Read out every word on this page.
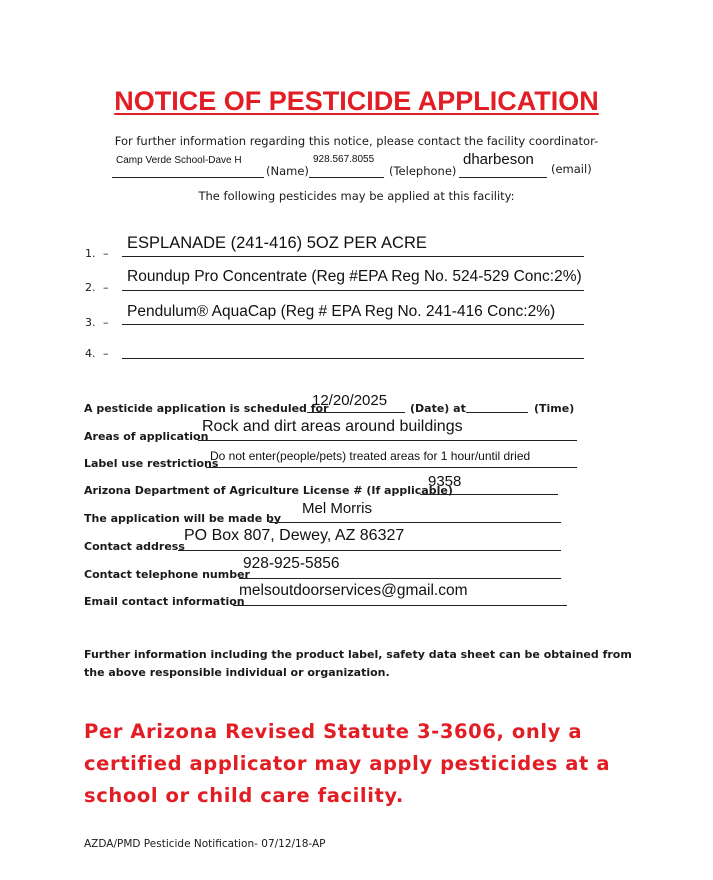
NOTICE OF PESTICIDE APPLICATION
For further information regarding this notice, please contact the facility coordinator-
Camp Verde School-Dave H
(Name)
928.567.8055
(Telephone)
dharbeson
(email)
The following pesticides may be applied at this facility:
1. –
ESPLANADE (241-416) 5OZ PER ACRE
2. –
Roundup Pro Concentrate (Reg #EPA Reg No. 524-529 Conc:2%)
3. –
Pendulum® AquaCap (Reg # EPA Reg No. 241-416 Conc:2%)
4. –
A pesticide application is scheduled for
12/20/2025 (Date) at	(Time)
Areas of application
Rock and dirt areas around buildings
Label use restrictions
Do not enter(people/pets) treated areas for 1 hour/until dried
Arizona Department of Agriculture License # (If applicable)
9358
The application will be made by
Mel Morris
Contact address
PO Box 807, Dewey, AZ 86327
Contact telephone number
928-925-5856
Email contact information
melsoutdoorservices@gmail.com
Further information including the product label, safety data sheet can be obtained from the above responsible individual or organization.
Per Arizona Revised Statute 3-3606, only a certified applicator may apply pesticides at a school or child care facility.
AZDA/PMD Pesticide Notification- 07/12/18-AP
